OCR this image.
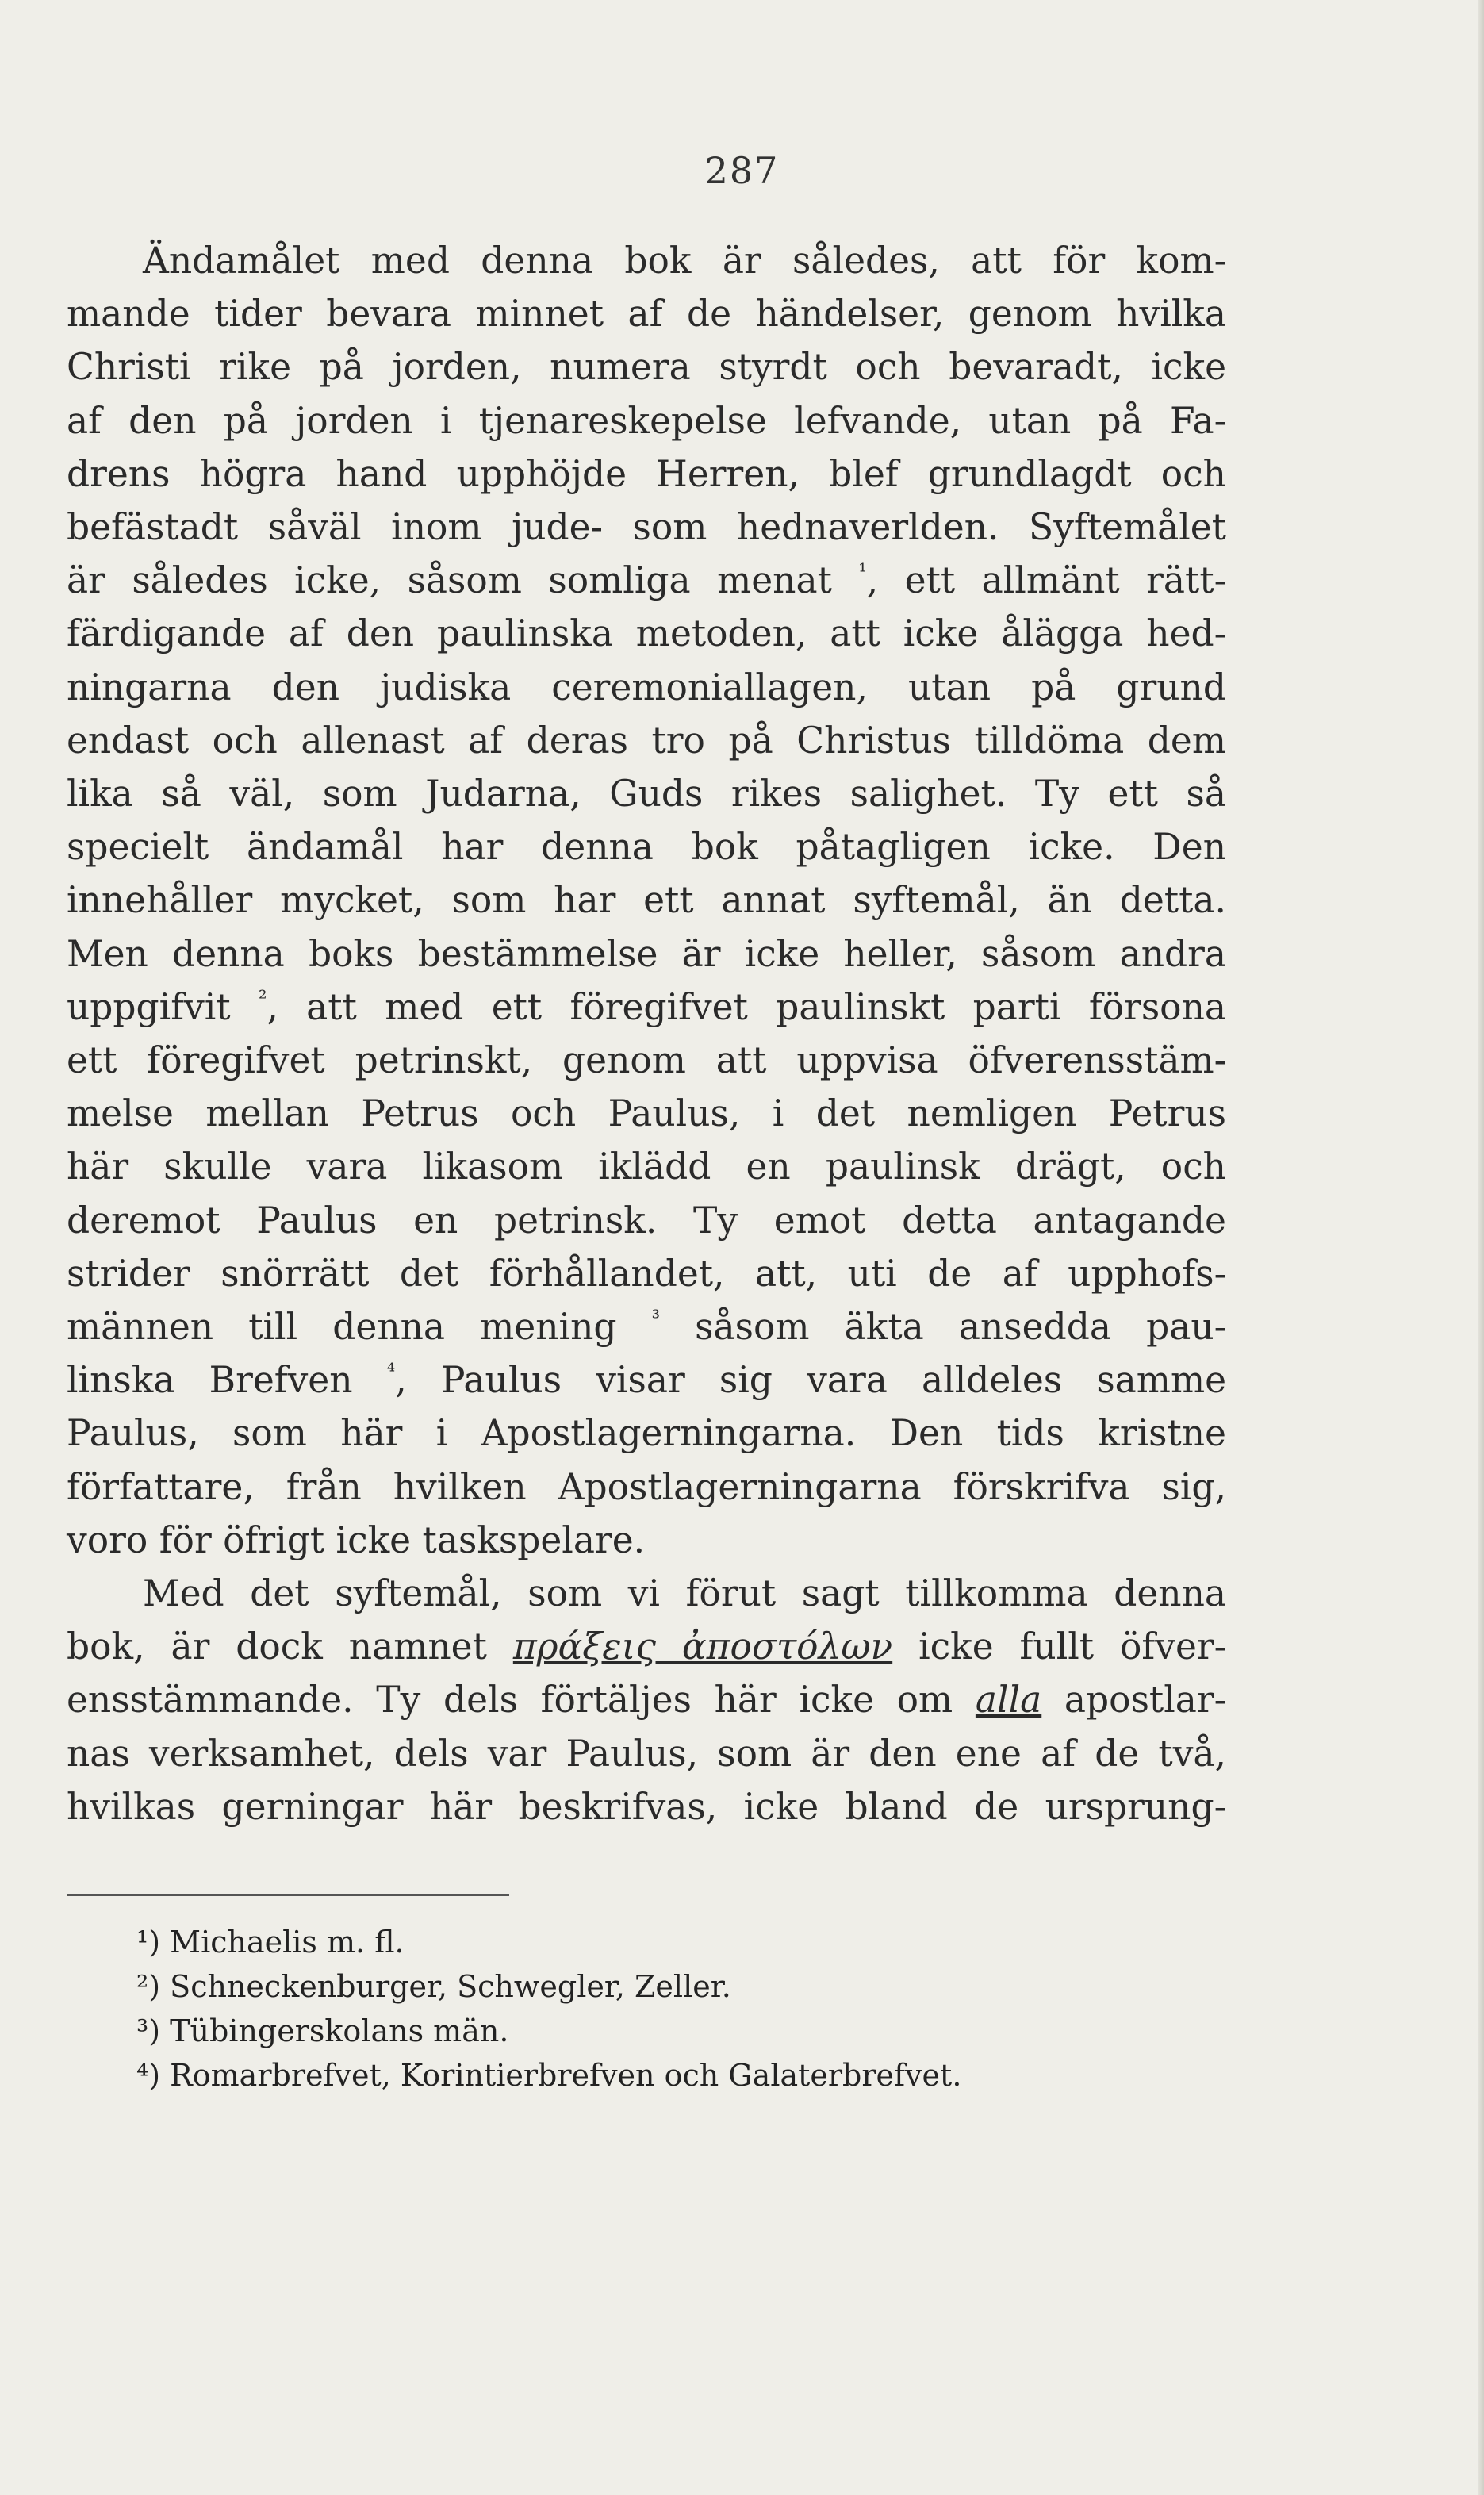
287
Ändamålet med denna bok är således, att för kom-
mande tider bevara minnet af de händelser, genom hvilka
Christi rike på jorden, numera styrdt och bevaradt, icke
af den på jorden i tjenareskepelse lefvande, utan på Fa-
drens högra hand upphöjde Herren, blef grundlagdt och
befästadt såväl inom jude- som hednaverlden. Syftemålet
är således icke, såsom somliga menat $^{^1}$, ett allmänt rätt-
färdigande af den paulinska metoden, att icke ålägga hed-
ningarna den judiska ceremoniallagen, utan på grund
endast och allenast af deras tro på Christus tilldöma dem
lika så väl, som Judarna, Guds rikes salighet. Ty ett så
specielt ändamål har denna bok påtagligen icke. Den
innehåller mycket, som har ett annat syftemål, än detta.
Men denna boks bestämmelse är icke heller, såsom andra
uppgifvit $^{^2}$, att med ett föregifvet paulinskt parti försona
ett föregifvet petrinskt, genom att uppvisa öfverensstäm-
melse mellan Petrus och Paulus, i det nemligen Petrus
här skulle vara likasom iklädd en paulinsk drägt, och
deremot Paulus en petrinsk. Ty emot detta antagande
strider snörrätt det förhållandet, att, uti de af upphofs-
männen till denna mening $^{^3}$ såsom äkta ansedda pau-
linska Brefven $^{^4}$, Paulus visar sig vara alldeles samme
Paulus, som här i Apostlagerningarna. Den tids kristne
författare, från hvilken Apostlagerningarna förskrifva sig,
voro för öfrigt icke taskspelare.
Med det syftemål, som vi förut sagt tillkomma denna
bok, är dock namnet πράξεις ἀποστόλων icke fullt öfver-
ensstämmande. Ty dels förtäljes här icke om alla apostlar-
nas verksamhet, dels var Paulus, som är den ene af de två,
hvilkas gerningar här beskrifvas, icke bland de ursprung-
¹) Michaelis m. fl.
²) Schneckenburger, Schwegler, Zeller.
³) Tübingerskolans män.
⁴) Romarbrefvet, Korintierbrefven och Galaterbrefvet.
